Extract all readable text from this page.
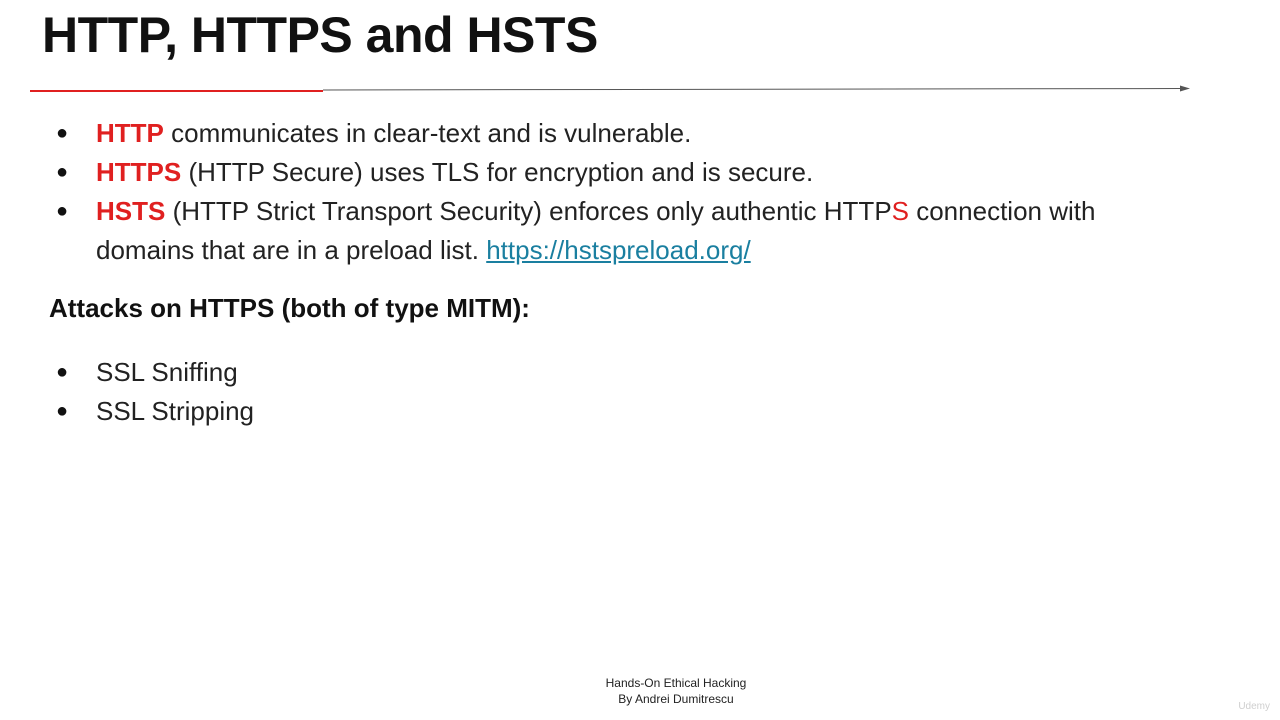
HTTP, HTTPS and HSTS
● HTTP communicates in clear-text and is vulnerable.
● HTTPS (HTTP Secure) uses TLS for encryption and is secure.
● HSTS (HTTP Strict Transport Security) enforces only authentic HTTPS connection with domains that are in a preload list. https://hstspreload.org/
Attacks on HTTPS (both of type MITM):
● SSL Sniffing
● SSL Stripping
Hands-On Ethical Hacking
By Andrei Dumitrescu
Udemy
